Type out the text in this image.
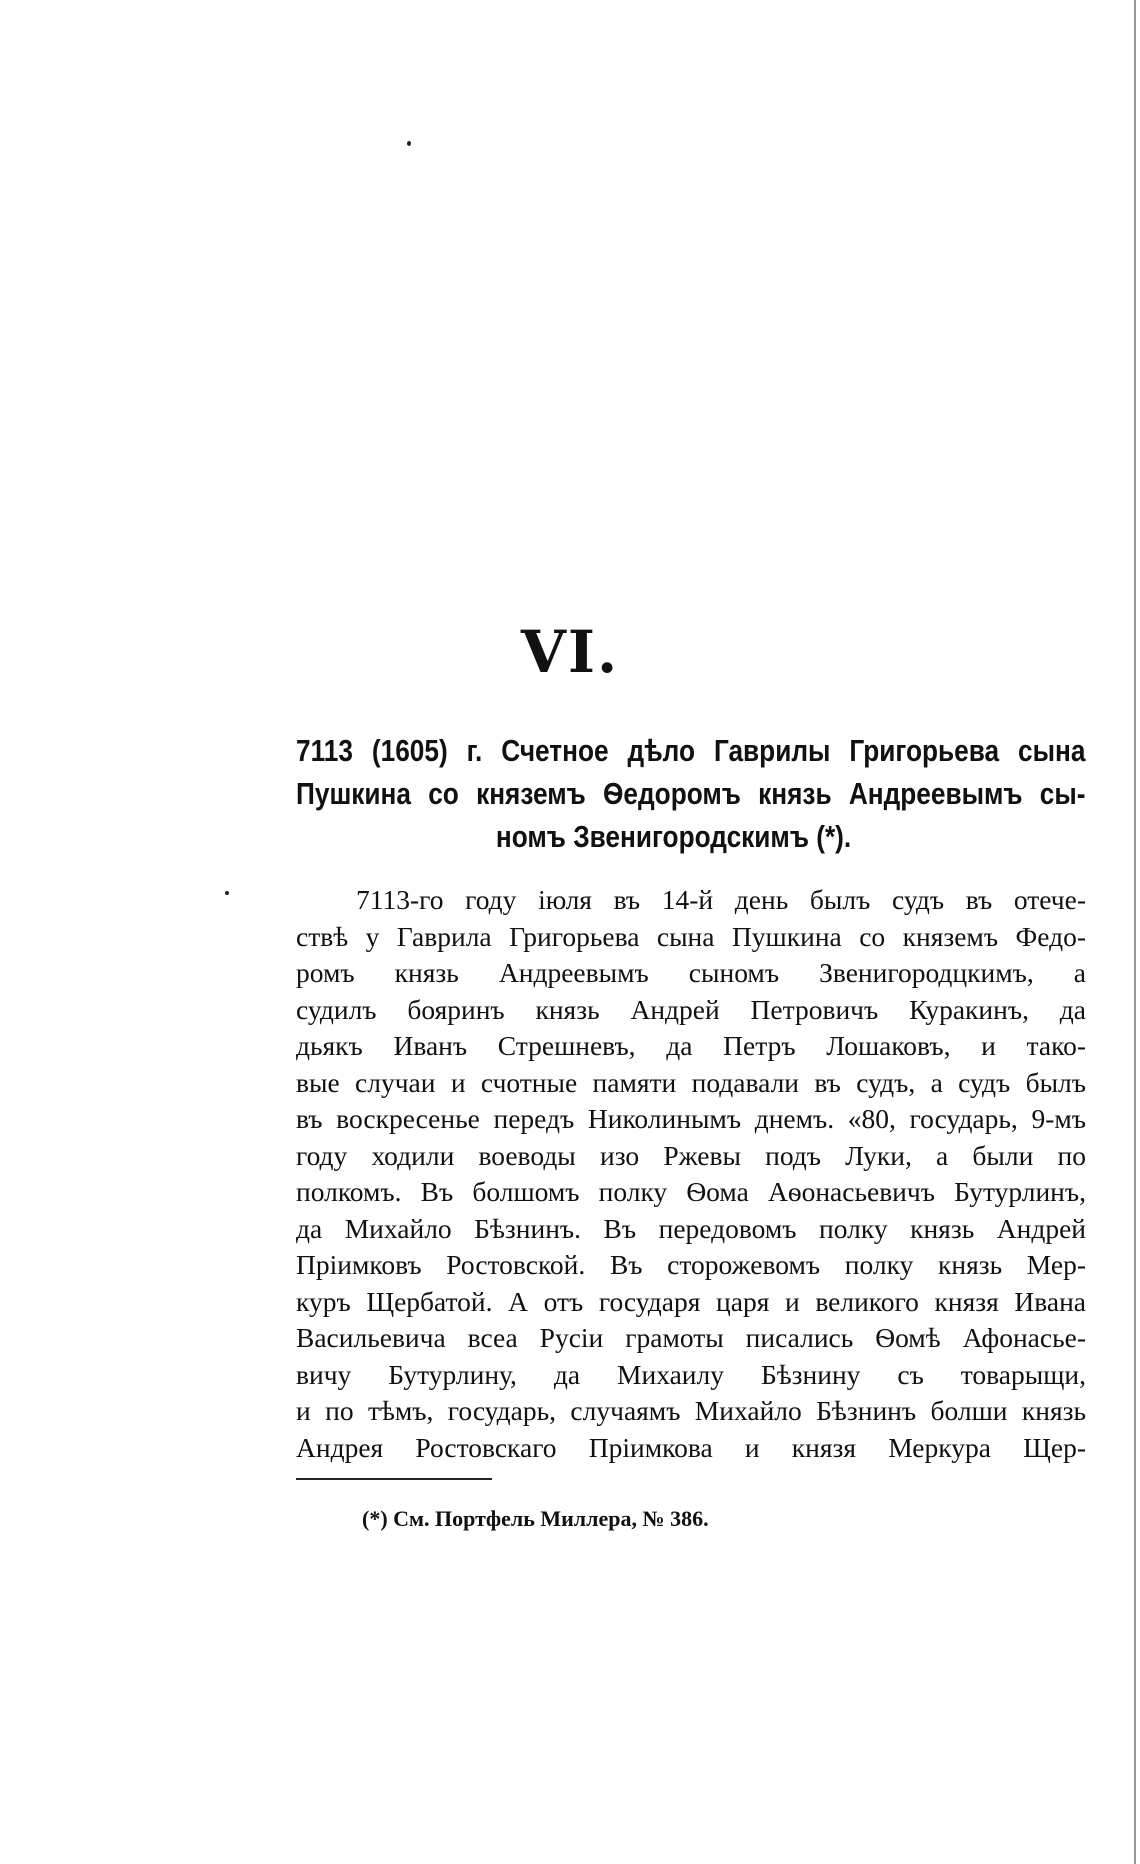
VI.
7113 (1605) г. Счетное дѣло Гаврилы Григорьева сына
Пушкина со княземъ Ѳедоромъ князь Андреевымъ сы-
номъ Звенигородскимъ (*).
7113-го году іюля въ 14-й день былъ судъ въ отече-
ствѣ у Гаврила Григорьева сына Пушкина со княземъ Федо-
ромъ князь Андреевымъ сыномъ Звенигородцкимъ, а
судилъ бояринъ князь Андрей Петровичъ Куракинъ, да
дьякъ Иванъ Стрешневъ, да Петръ Лошаковъ, и тако-
вые случаи и счотные памяти подавали въ судъ, а судъ былъ
въ воскресенье передъ Николинымъ днемъ. «80, государь, 9-мъ
году ходили воеводы изо Ржевы подъ Луки, а были по
полкомъ. Въ болшомъ полку Ѳома Аѳонасьевичъ Бутурлинъ,
да Михайло Бѣзнинъ. Въ передовомъ полку князь Андрей
Пріимковъ Ростовской. Въ сторожевомъ полку князь Мер-
куръ Щербатой. А отъ государя царя и великого князя Ивана
Васильевича всеа Русіи грамоты писались Ѳомѣ Афонасье-
вичу Бутурлину, да Михаилу Бѣзнину съ товарыщи,
и по тѣмъ, государь, случаямъ Михайло Бѣзнинъ болши князь
Андрея Ростовскаго Пріимкова и князя Меркура Щер-
(*) См. Портфель Миллера, № 386.
